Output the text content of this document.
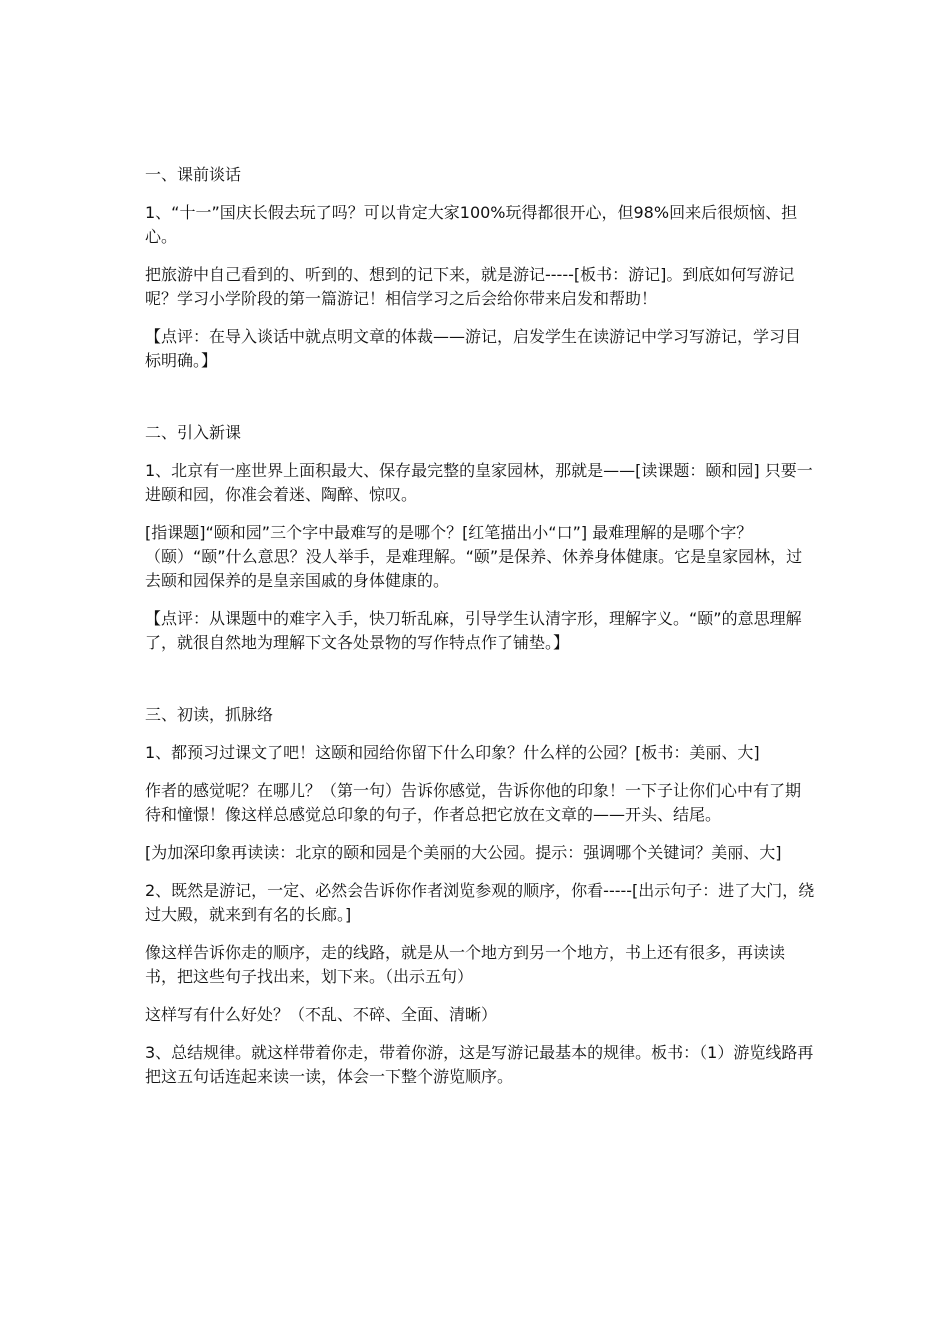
一、课前谈话

1、“十一”国庆长假去玩了吗？可以肯定大家100%玩得都很开心，但98%回来后很烦恼、担心。

把旅游中自己看到的、听到的、想到的记下来，就是游记-----[板书：游记]。到底如何写游记呢？学习小学阶段的第一篇游记！相信学习之后会给你带来启发和帮助！

【点评：在导入谈话中就点明文章的体裁——游记，启发学生在读游记中学习写游记，学习目标明确。】

二、引入新课

1、北京有一座世界上面积最大、保存最完整的皇家园林，那就是——[读课题：颐和园] 只要一进颐和园，你准会着迷、陶醉、惊叹。

[指课题]“颐和园”三个字中最难写的是哪个？[红笔描出小“口”] 最难理解的是哪个字？（颐）“颐”什么意思？没人举手，是难理解。“颐”是保养、休养身体健康。它是皇家园林，过去颐和园保养的是皇亲国戚的身体健康的。

【点评：从课题中的难字入手，快刀斩乱麻，引导学生认清字形，理解字义。“颐”的意思理解了，就很自然地为理解下文各处景物的写作特点作了铺垫。】

三、初读，抓脉络

1、都预习过课文了吧！这颐和园给你留下什么印象？什么样的公园？[板书：美丽、大]

作者的感觉呢？在哪儿？（第一句）告诉你感觉，告诉你他的印象！一下子让你们心中有了期待和憧憬！像这样总感觉总印象的句子，作者总把它放在文章的——开头、结尾。

[为加深印象再读读：北京的颐和园是个美丽的大公园。提示：强调哪个关键词？美丽、大]

2、既然是游记，一定、必然会告诉你作者浏览参观的顺序，你看-----[出示句子：进了大门，绕过大殿，就来到有名的长廊。]

像这样告诉你走的顺序，走的线路，就是从一个地方到另一个地方，书上还有很多，再读读书，把这些句子找出来，划下来。（出示五句）

这样写有什么好处？（不乱、不碎、全面、清晰）

3、总结规律。就这样带着你走，带着你游，这是写游记最基本的规律。板书：（1）游览线路再把这五句话连起来读一读，体会一下整个游览顺序。
